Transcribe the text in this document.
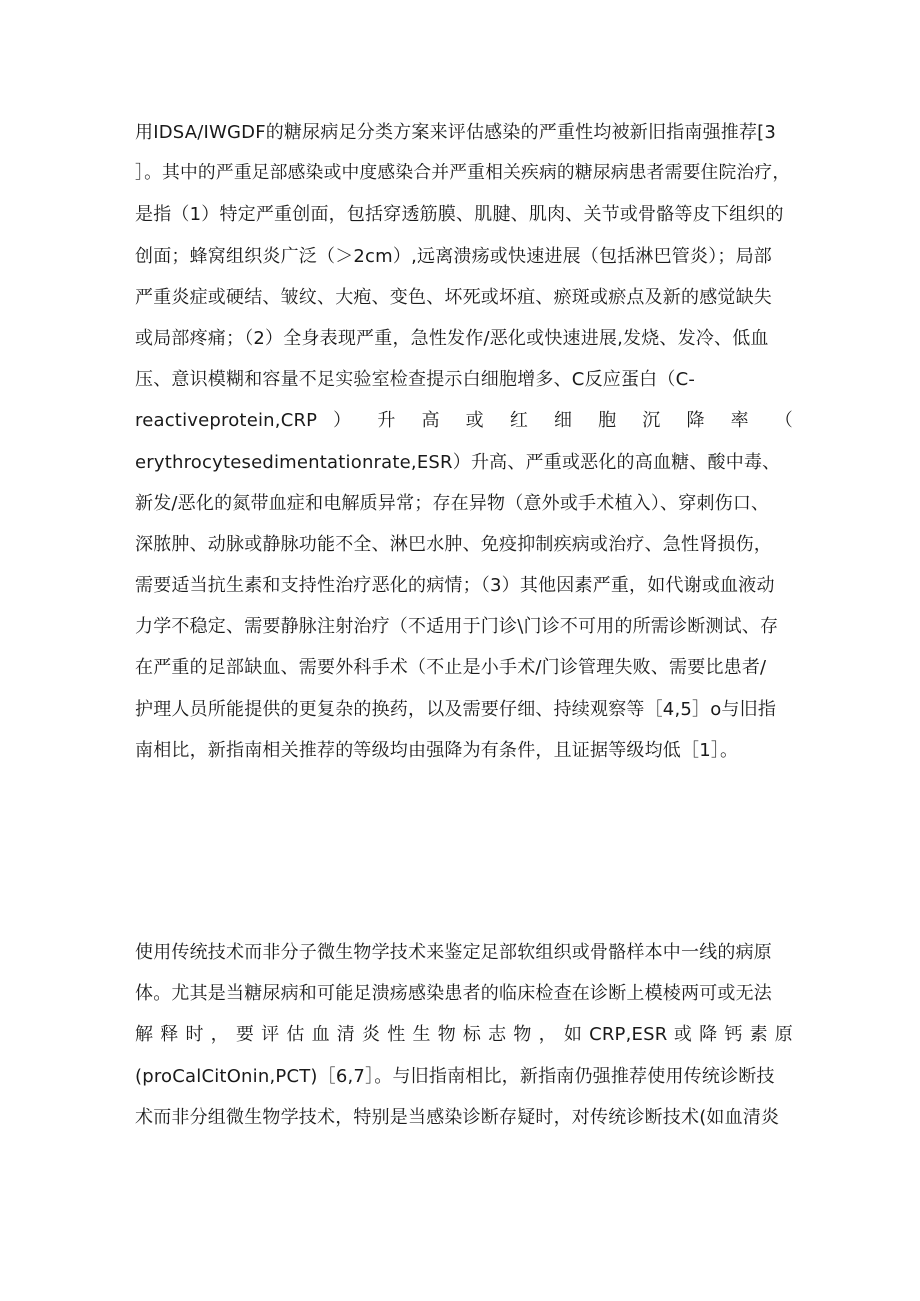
用IDSA/IWGDF的糖尿病足分类方案来评估感染的严重性均被新旧指南强推荐[3
］。其中的严重足部感染或中度感染合并严重相关疾病的糖尿病患者需要住院治疗，
是指（1）特定严重创面，包括穿透筋膜、肌腱、肌肉、关节或骨骼等皮下组织的
创面；蜂窝组织炎广泛（＞2cm）,远离溃疡或快速进展（包括淋巴管炎）；局部
严重炎症或硬结、皱纹、大疱、变色、坏死或坏疽、瘀斑或瘀点及新的感觉缺失
或局部疼痛；（2）全身表现严重，急性发作/恶化或快速进展,发烧、发冷、低血
压、意识模糊和容量不足实验室检查提示白细胞增多、C反应蛋白（C-
reactiveprotein,CRP ） 升 高 或 红 细 胞 沉 降 率 （
erythrocytesedimentationrate,ESR）升高、严重或恶化的高血糖、酸中毒、
新发/恶化的氮带血症和电解质异常；存在异物（意外或手术植入）、穿刺伤口、
深脓肿、动脉或静脉功能不全、淋巴水肿、免疫抑制疾病或治疗、急性肾损伤，
需要适当抗生素和支持性治疗恶化的病情；（3）其他因素严重，如代谢或血液动
力学不稳定、需要静脉注射治疗（不适用于门诊\门诊不可用的所需诊断测试、存
在严重的足部缺血、需要外科手术（不止是小手术/门诊管理失败、需要比患者/
护理人员所能提供的更复杂的换药，以及需要仔细、持续观察等［4,5］o与旧指
南相比，新指南相关推荐的等级均由强降为有条件，且证据等级均低［1］。
使用传统技术而非分子微生物学技术来鉴定足部软组织或骨骼样本中一线的病原
体。尤其是当糖尿病和可能足溃疡感染患者的临床检查在诊断上模棱两可或无法
解 释 时 ， 要 评 估 血 清 炎 性 生 物 标 志 物 ， 如 CRP,ESR 或 降 钙 素 原
(proCalCitOnin,PCT)［6,7］。与旧指南相比，新指南仍强推荐使用传统诊断技
术而非分组微生物学技术，特别是当感染诊断存疑时，对传统诊断技术(如血清炎
